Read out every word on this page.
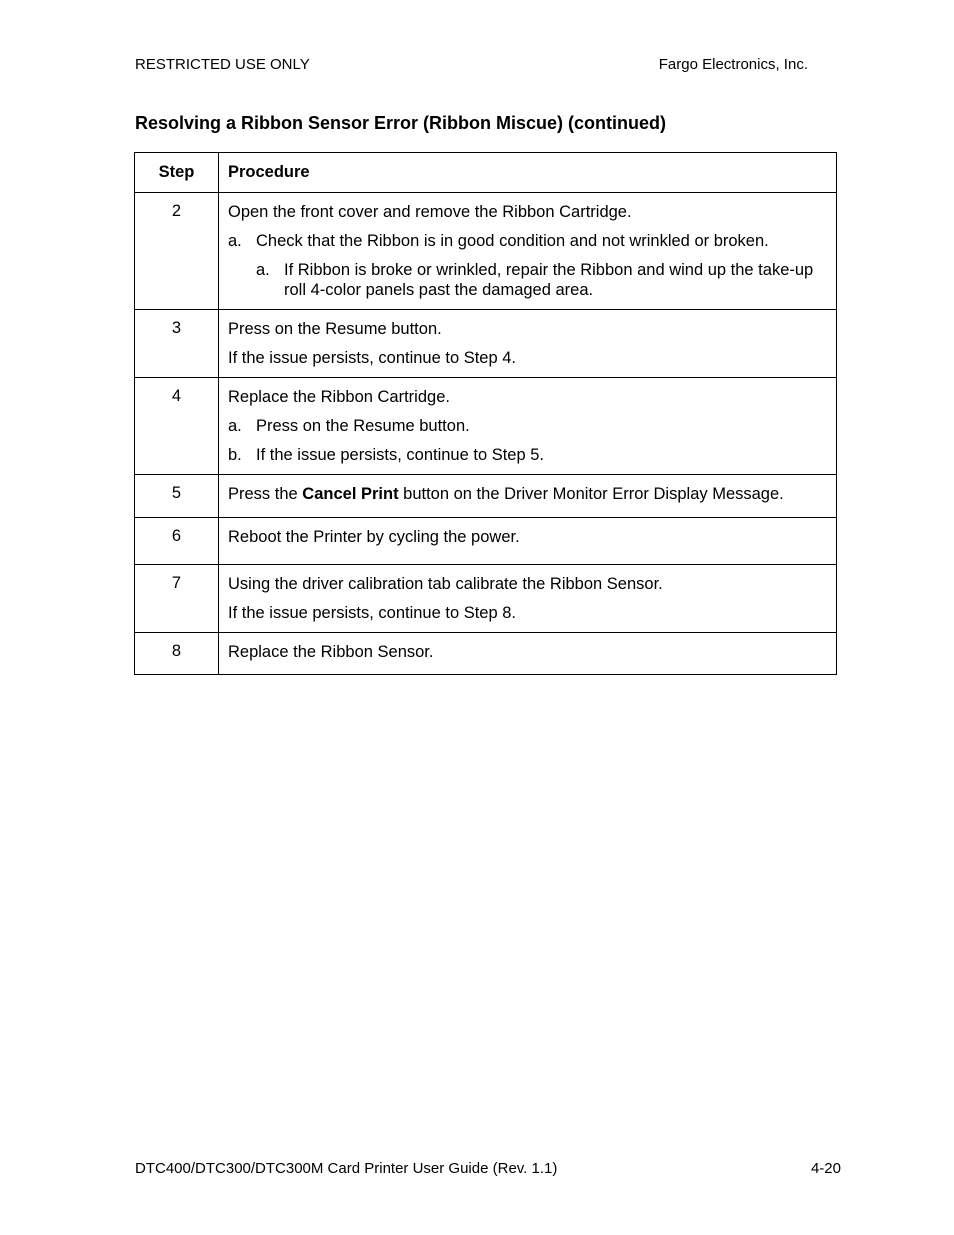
RESTRICTED USE ONLY	Fargo Electronics, Inc.
Resolving a Ribbon Sensor Error (Ribbon Miscue) (continued)
Step	Procedure
2	Open the front cover and remove the Ribbon Cartridge.
a. Check that the Ribbon is in good condition and not wrinkled or broken.
a. If Ribbon is broke or wrinkled, repair the Ribbon and wind up the take-up roll 4-color panels past the damaged area.

3	Press on the Resume button.
If the issue persists, continue to Step 4.

4	Replace the Ribbon Cartridge.
a. Press on the Resume button.
b. If the issue persists, continue to Step 5.

5	Press the Cancel Print button on the Driver Monitor Error Display Message.

6	Reboot the Printer by cycling the power.

7	Using the driver calibration tab calibrate the Ribbon Sensor.
If the issue persists, continue to Step 8.

8	Replace the Ribbon Sensor.
DTC400/DTC300/DTC300M Card Printer User Guide (Rev. 1.1)	4-20
